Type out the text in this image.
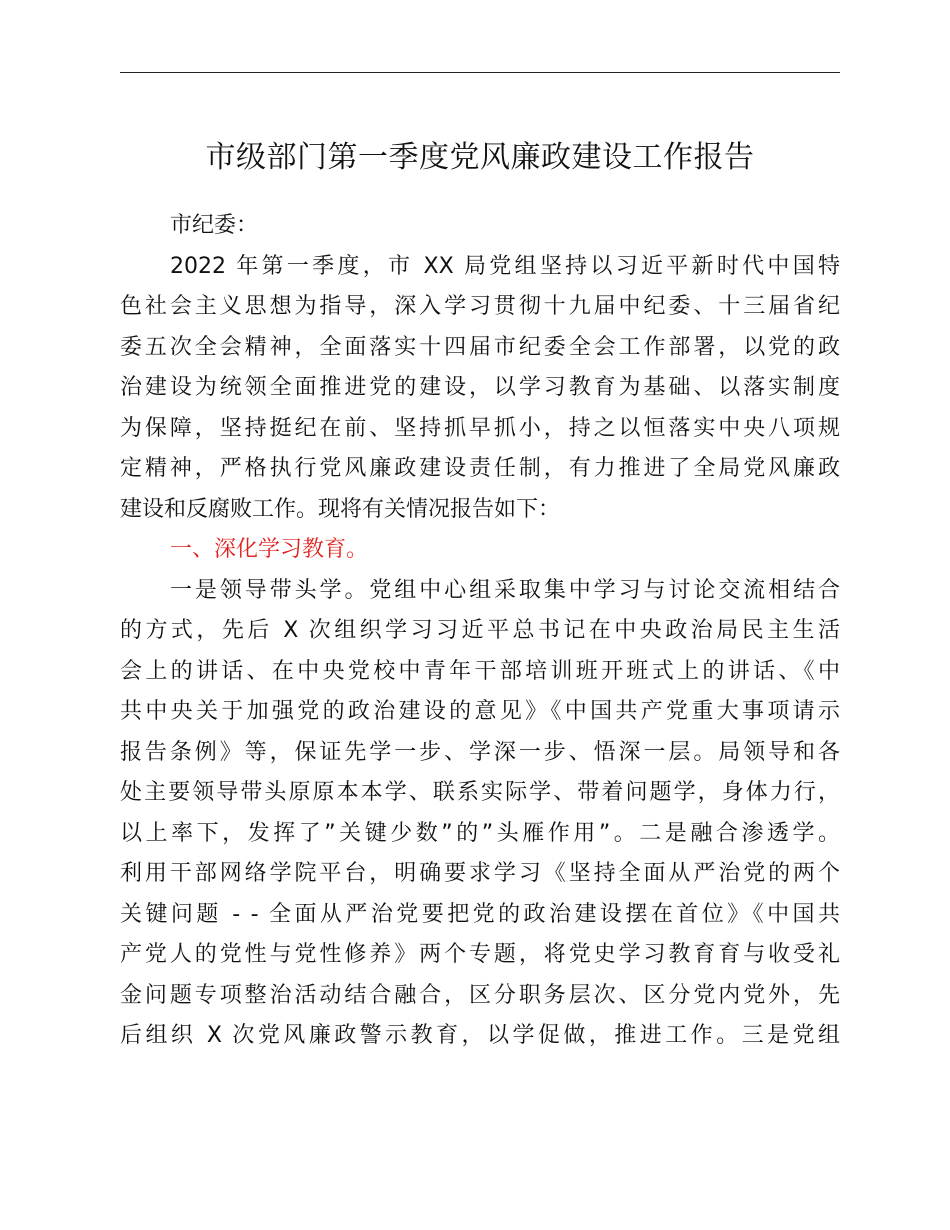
市级部门第一季度党风廉政建设工作报告
市纪委：
2022 年第一季度，市 XX 局党组坚持以习近平新时代中国特
色社会主义思想为指导，深入学习贯彻十九届中纪委、十三届省纪
委五次全会精神，全面落实十四届市纪委全会工作部署，以党的政
治建设为统领全面推进党的建设，以学习教育为基础、以落实制度
为保障，坚持挺纪在前、坚持抓早抓小，持之以恒落实中央八项规
定精神，严格执行党风廉政建设责任制，有力推进了全局党风廉政
建设和反腐败工作。现将有关情况报告如下：
一、深化学习教育。
一是领导带头学。党组中心组采取集中学习与讨论交流相结合
的方式，先后 X 次组织学习习近平总书记在中央政治局民主生活
会上的讲话、在中央党校中青年干部培训班开班式上的讲话、《中
共中央关于加强党的政治建设的意见》《中国共产党重大事项请示
报告条例》等，保证先学一步、学深一步、悟深一层。局领导和各
处主要领导带头原原本本学、联系实际学、带着问题学，身体力行，
以上率下，发挥了”关键少数”的”头雁作用”。二是融合渗透学。
利用干部网络学院平台，明确要求学习《坚持全面从严治党的两个
关键问题 - - 全面从严治党要把党的政治建设摆在首位》《中国共
产党人的党性与党性修养》两个专题，将党史学习教育育与收受礼
金问题专项整治活动结合融合，区分职务层次、区分党内党外，先
后组织 X 次党风廉政警示教育，以学促做，推进工作。三是党组
